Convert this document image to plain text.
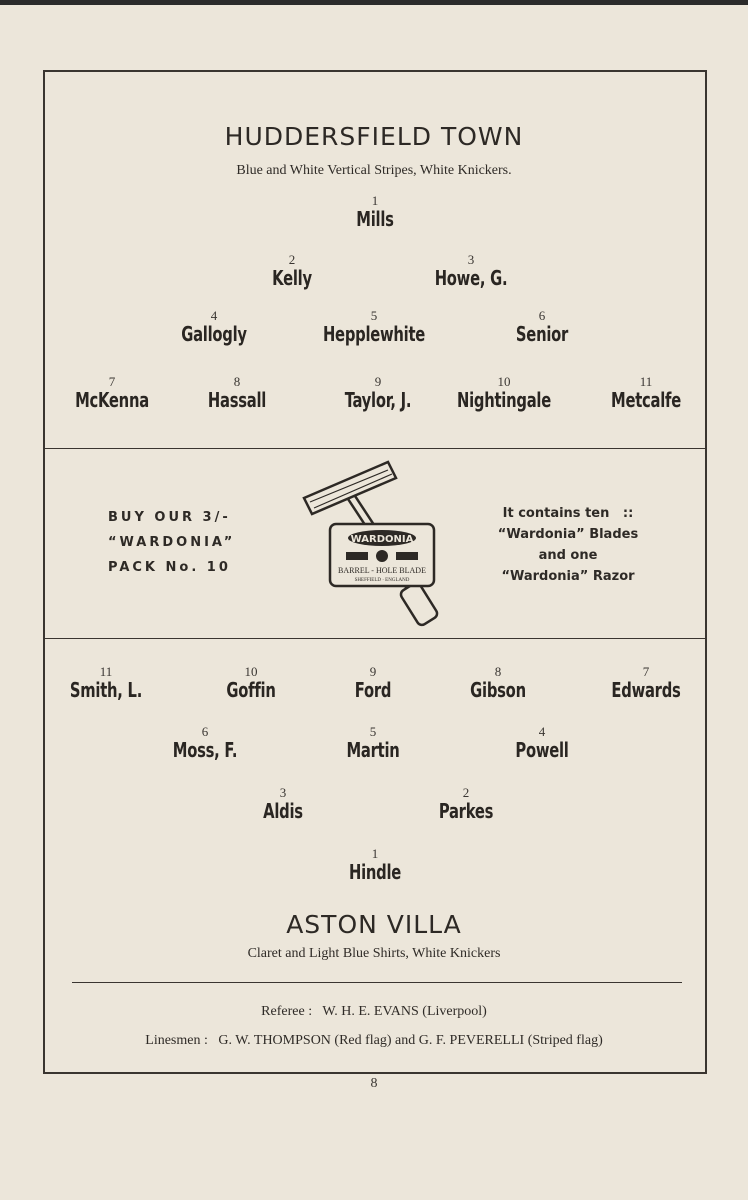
HUDDERSFIELD TOWN
Blue and White Vertical Stripes, White Knickers.
1
Mills
2
Kelly
3
Howe, G.
4
Gallogly
5
Hepplewhite
6
Senior
7
McKenna
8
Hassall
9
Taylor, J.
10
Nightingale
11
Metcalfe
BUY OUR 3/-
“WARDONIA”
PACK No. 10
WARDONIA
BARREL - HOLE BLADE
SHEFFIELD · ENGLAND
It contains ten   ::
“Wardonia” Blades
and one
“Wardonia” Razor
11
Smith, L.
10
Goffin
9
Ford
8
Gibson
7
Edwards
6
Moss, F.
5
Martin
4
Powell
3
Aldis
2
Parkes
1
Hindle
ASTON VILLA
Claret and Light Blue Shirts, White Knickers
Referee :   W. H. E. EVANS (Liverpool)
Linesmen :   G. W. THOMPSON (Red flag) and G. F. PEVERELLI (Striped flag)
8
